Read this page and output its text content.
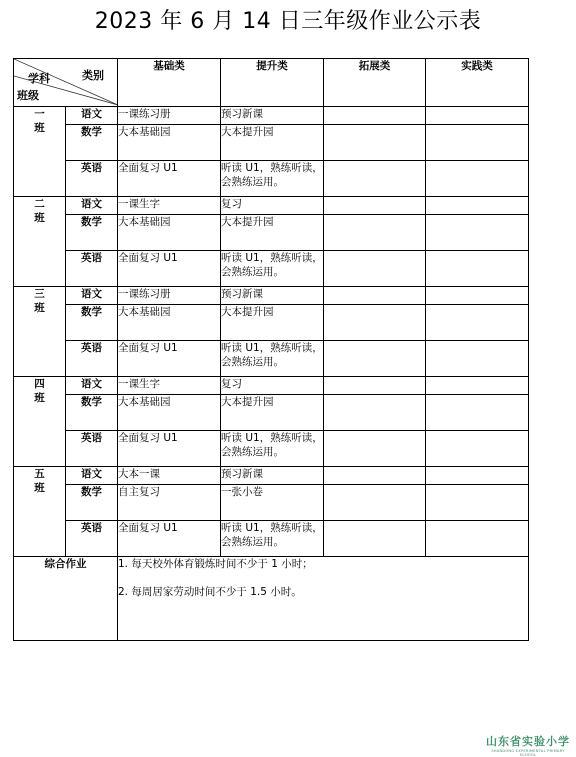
2023 年 6 月 14 日三年级作业公示表
类别
学科
班级		基础类	提升类	拓展类	实践类
一
班	语文	一课练习册	预习新课		
	数学	大本基础园	大本提升园		
	英语	全面复习 U1	听读 U1，熟练听读，会熟练运用。		
二
班	语文	一课生字	复习		
	数学	大本基础园	大本提升园		
	英语	全面复习 U1	听读 U1，熟练听读，会熟练运用。		
三
班	语文	一课练习册	预习新课		
	数学	大本基础园	大本提升园		
	英语	全面复习 U1	听读 U1，熟练听读，会熟练运用。		
四
班	语文	一课生字	复习		
	数学	大本基础园	大本提升园		
	英语	全面复习 U1	听读 U1，熟练听读，会熟练运用。		
五
班	语文	大本一课	预习新课		
	数学	自主复习	一张小卷		
	英语	全面复习 U1	听读 U1，熟练听读，会熟练运用。		
综合作业		1. 每天校外体育锻炼时间不少于 1 小时；
2. 每周居家劳动时间不少于 1.5 小时。			
山东省实验小学
SHANDONG EXPERIMENTAL PRIMARY SCHOOL
